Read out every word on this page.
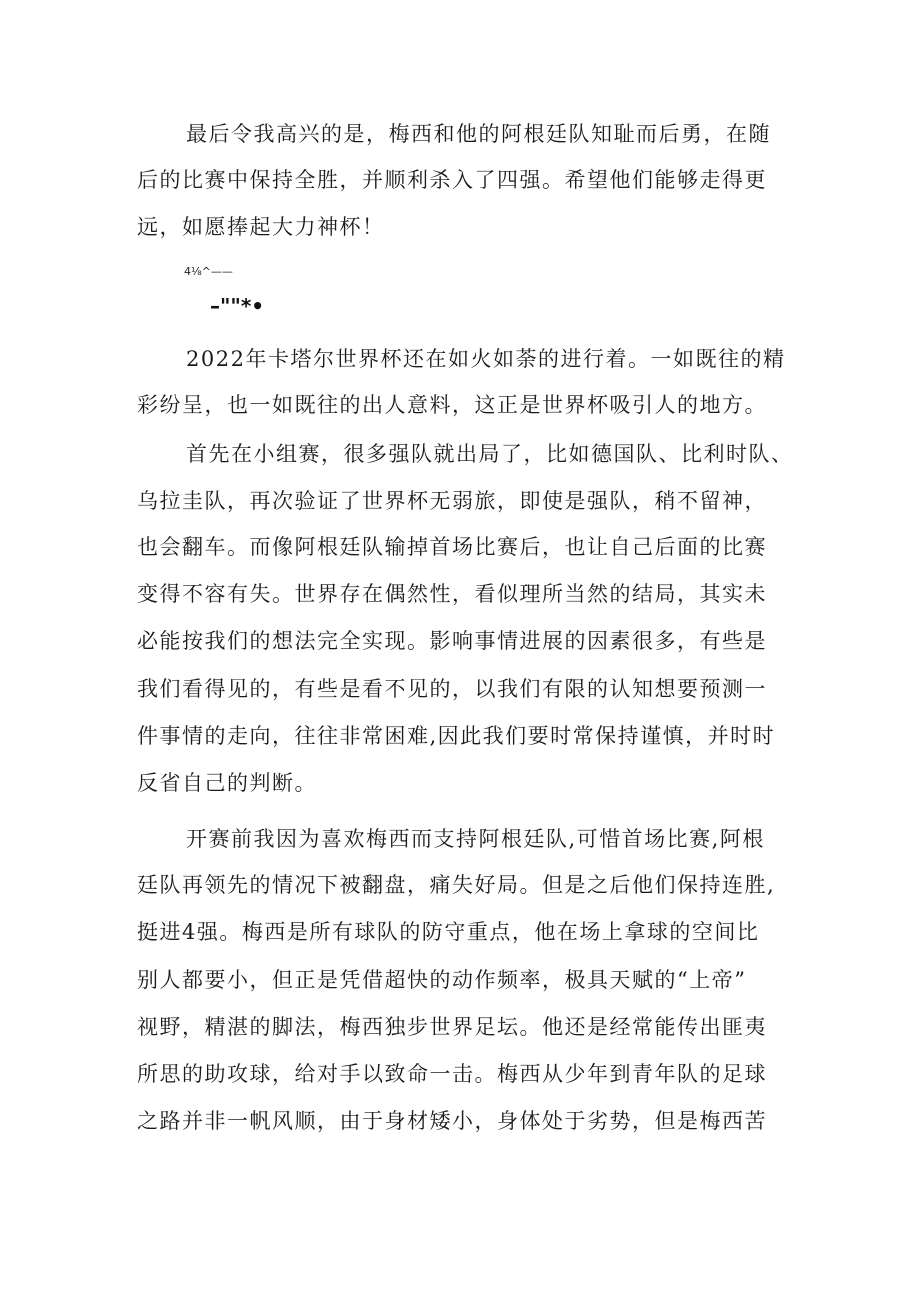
最后令我高兴的是，梅西和他的阿根廷队知耻而后勇，在随
后的比赛中保持全胜，并顺利杀入了四强。希望他们能够走得更
远，如愿捧起大力神杯！
4⅛^——
–""*•
2022年卡塔尔世界杯还在如火如荼的进行着。一如既往的精
彩纷呈，也一如既往的出人意料，这正是世界杯吸引人的地方。
首先在小组赛，很多强队就出局了，比如德国队、比利时队、
乌拉圭队，再次验证了世界杯无弱旅，即使是强队，稍不留神，
也会翻车。而像阿根廷队输掉首场比赛后，也让自己后面的比赛
变得不容有失。世界存在偶然性，看似理所当然的结局，其实未
必能按我们的想法完全实现。影响事情进展的因素很多，有些是
我们看得见的，有些是看不见的，以我们有限的认知想要预测一
件事情的走向，往往非常困难,因此我们要时常保持谨慎，并时时
反省自己的判断。
开赛前我因为喜欢梅西而支持阿根廷队,可惜首场比赛,阿根
廷队再领先的情况下被翻盘，痛失好局。但是之后他们保持连胜,
挺进4强。梅西是所有球队的防守重点，他在场上拿球的空间比
别人都要小，但正是凭借超快的动作频率，极具天赋的“上帝”
视野，精湛的脚法，梅西独步世界足坛。他还是经常能传出匪夷
所思的助攻球，给对手以致命一击。梅西从少年到青年队的足球
之路并非一帆风顺，由于身材矮小，身体处于劣势，但是梅西苦
